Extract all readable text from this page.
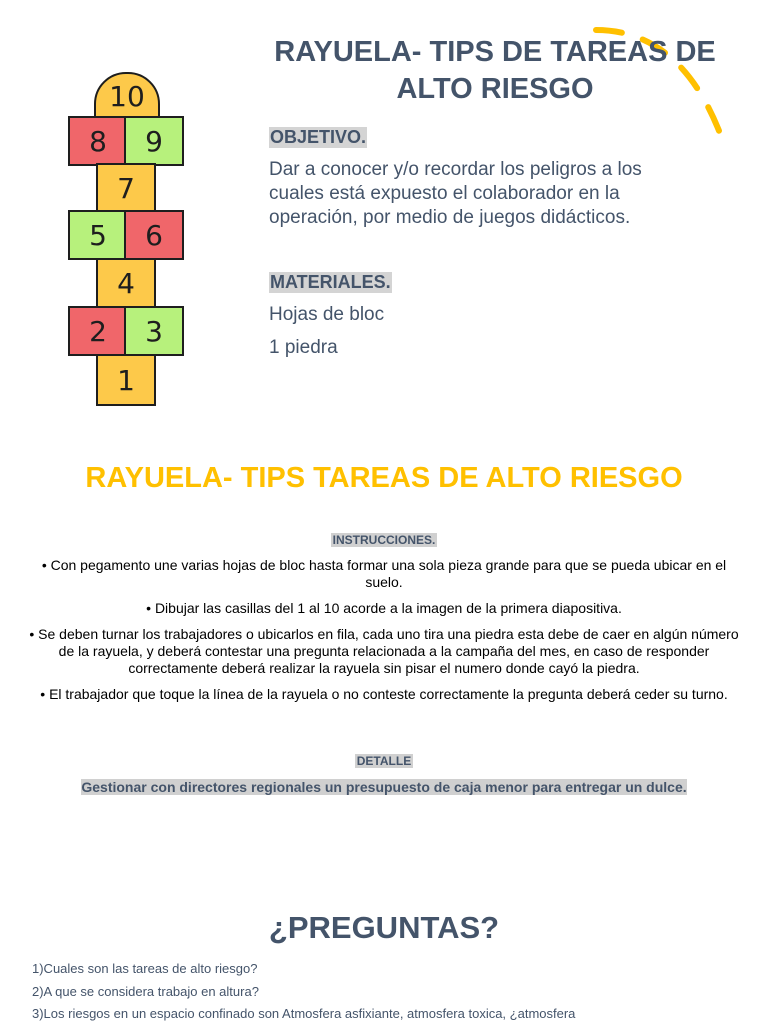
10
8	9
7
5	6
4
2	3
1
RAYUELA- TIPS DE TAREAS DE ALTO RIESGO
OBJETIVO.
Dar a conocer y/o recordar los peligros a los cuales está expuesto el colaborador en la operación, por medio de juegos didácticos.
MATERIALES.
Hojas de bloc
1 piedra
RAYUELA- TIPS TAREAS DE ALTO RIESGO
INSTRUCCIONES.

• Con pegamento une varias hojas de bloc hasta formar una sola pieza grande para que se pueda ubicar en el suelo.

• Dibujar las casillas del 1 al 10 acorde a la imagen de la primera diapositiva.

• Se deben turnar los trabajadores o ubicarlos en fila, cada uno tira una piedra esta debe de caer en algún número de la rayuela, y deberá contestar una pregunta relacionada a la campaña del mes, en caso de responder correctamente deberá realizar la rayuela sin pisar el numero donde cayó la piedra.

• El trabajador que toque la línea de la rayuela o no conteste correctamente la pregunta deberá ceder su turno.

DETALLE
Gestionar con directores regionales un presupuesto de caja menor para entregar un dulce.
¿PREGUNTAS?
1)Cuales son las tareas de alto riesgo?
2)A que se considera trabajo en altura?
3)Los riesgos en un espacio confinado son Atmosfera asfixiante, atmosfera toxica, ¿atmosfera
